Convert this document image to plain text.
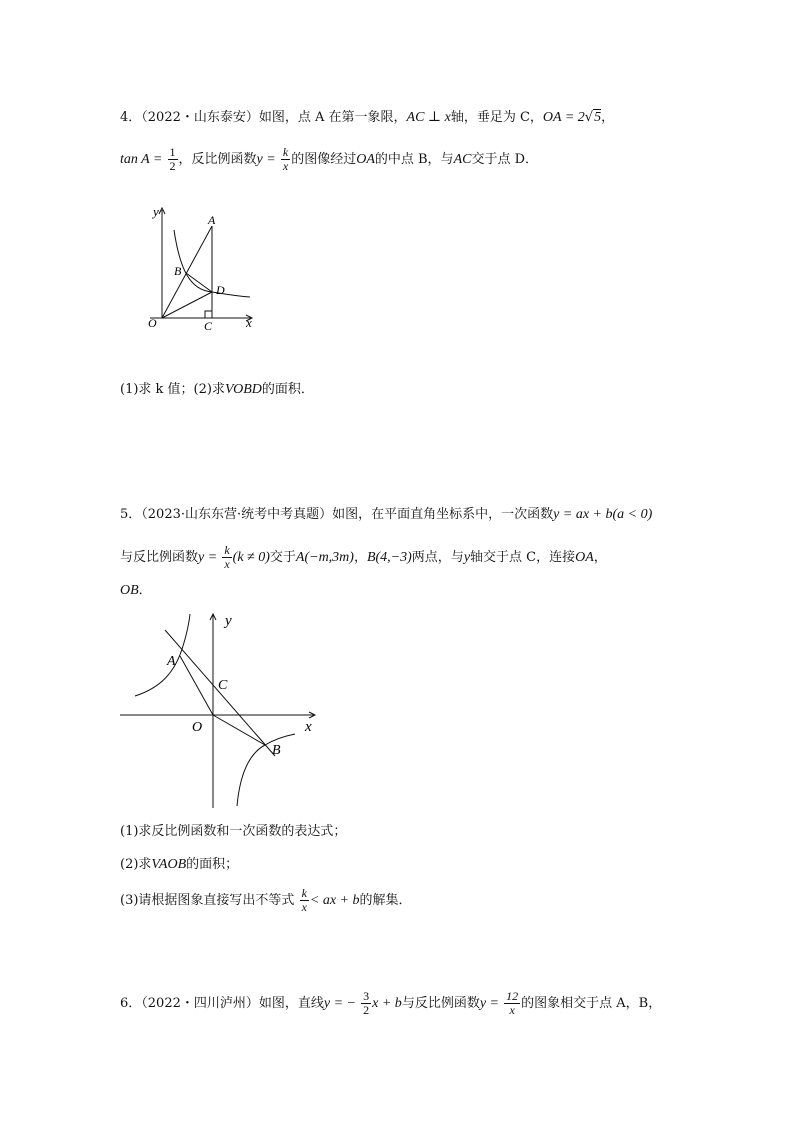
4．（2022・山东泰安）如图，点 A 在第一象限，AC ⊥ x轴，垂足为 C，OA = 2√5，
$\tan A = \frac{1}{2}$ ，反比例函数$y = \frac{k}{x}$ 的图像经过OA的中点 B，与AC交于点 D．
y
A
B
D
O	C	x
(1)求 k 值；(2)求VOBD的面积．
5．（2023·山东东营·统考中考真题）如图，在平面直角坐标系中，一次函数y = ax + b(a < 0)
与反比例函数$y = \frac{k}{x} (k \ne 0)$交于A(−m,3m)，B(4,−3)两点，与y轴交于点 C，连接OA，
OB．
y
A
C
O	x
B
(1)求反比例函数和一次函数的表达式；
(2)求VAOB的面积；
(3)请根据图象直接写出不等式 $\frac{k}{x}$ < ax + b的解集．
6．（2022・四川泸州）如图，直线y = − $\frac{3}{2}$ x + b与反比例函数$y = \frac{12}{x}$ 的图象相交于点 A，B，
